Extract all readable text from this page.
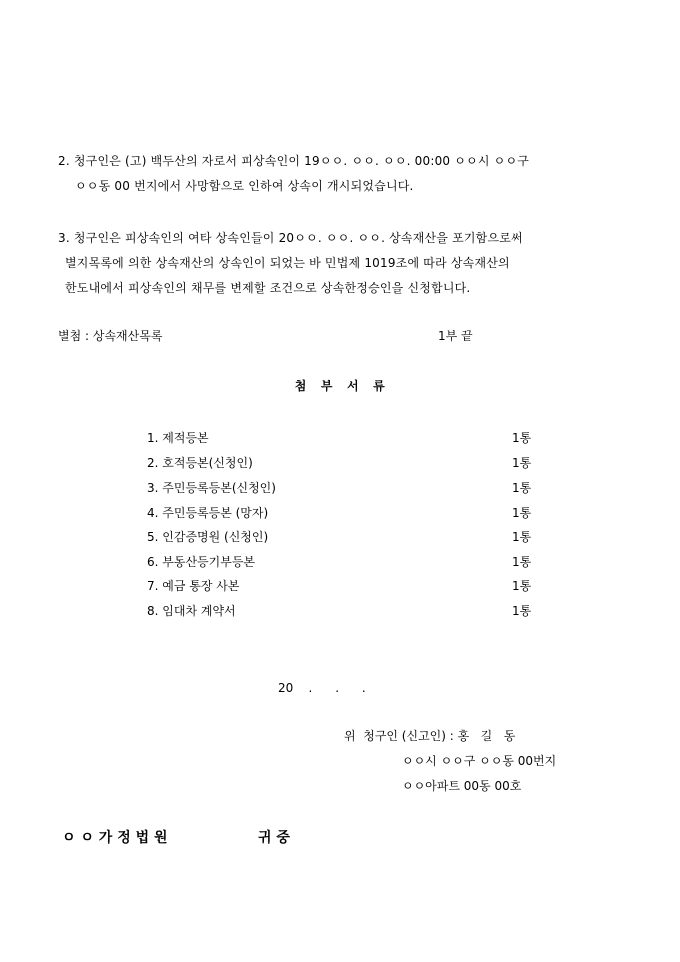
2. 청구인은 (고) 백두산의 자로서 피상속인이 19ㅇㅇ. ㅇㅇ. ㅇㅇ. 00:00 ㅇㅇ시 ㅇㅇ구
ㅇㅇ동 00 번지에서 사망함으로 인하여 상속이 개시되었습니다.
3. 청구인은 피상속인의 여타 상속인들이 20ㅇㅇ. ㅇㅇ. ㅇㅇ. 상속재산을 포기함으로써
별지목록에 의한 상속재산의 상속인이 되었는 바 민법제 1019조에 따라 상속재산의
한도내에서 피상속인의 채무를 변제할 조건으로 상속한정승인을 신청합니다.
별첨 : 상속재산목록	1부 끝
첨   부   서   류
1. 제적등본	1통
2. 호적등본(신청인)	1통
3. 주민등록등본(신청인)	1통
4. 주민등록등본 (망자)	1통
5. 인감증명원 (신청인)	1통
6. 부동산등기부등본	1통
7. 예금 통장 사본	1통
8. 임대차 계약서	1통
20    .      .      .
위  청구인 (신고인) : 홍   길   동
ㅇㅇ시 ㅇㅇ구 ㅇㅇ동 00번지
ㅇㅇ아파트 00동 00호
ㅇ ㅇ 가 정 법 원	귀 중
